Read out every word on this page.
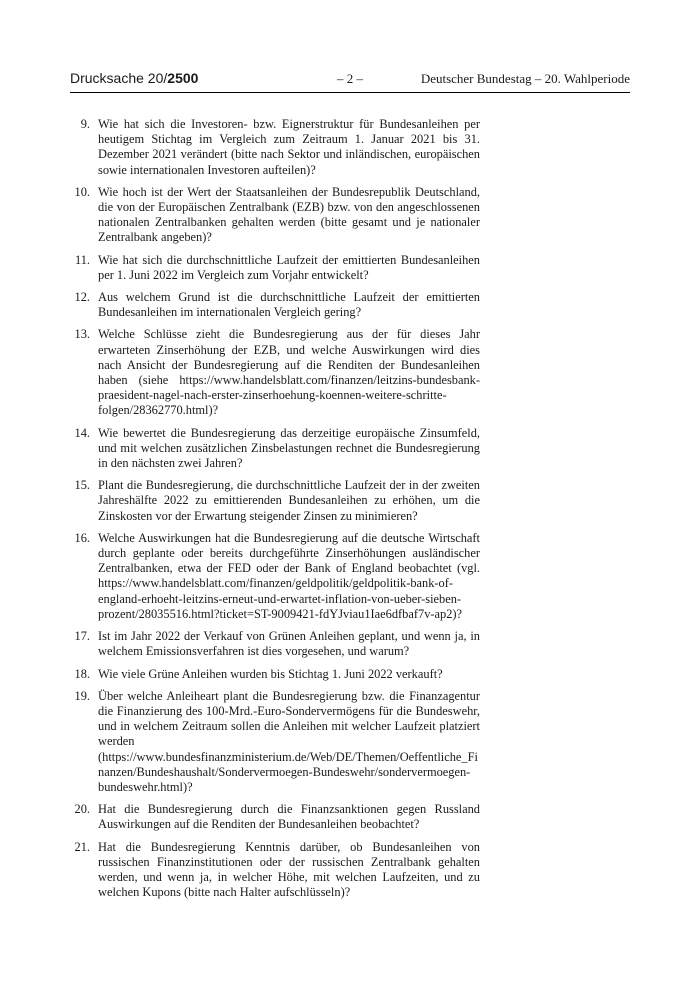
Drucksache 20/2500	– 2 –	Deutscher Bundestag – 20. Wahlperiode
9. Wie hat sich die Investoren- bzw. Eignerstruktur für Bundesanleihen per heutigem Stichtag im Vergleich zum Zeitraum 1. Januar 2021 bis 31. Dezember 2021 verändert (bitte nach Sektor und inländischen, europäischen sowie internationalen Investoren aufteilen)?
10. Wie hoch ist der Wert der Staatsanleihen der Bundesrepublik Deutschland, die von der Europäischen Zentralbank (EZB) bzw. von den angeschlossenen nationalen Zentralbanken gehalten werden (bitte gesamt und je nationaler Zentralbank angeben)?
11. Wie hat sich die durchschnittliche Laufzeit der emittierten Bundesanleihen per 1. Juni 2022 im Vergleich zum Vorjahr entwickelt?
12. Aus welchem Grund ist die durchschnittliche Laufzeit der emittierten Bundesanleihen im internationalen Vergleich gering?
13. Welche Schlüsse zieht die Bundesregierung aus der für dieses Jahr erwarteten Zinserhöhung der EZB, und welche Auswirkungen wird dies nach Ansicht der Bundesregierung auf die Renditen der Bundesanleihen haben (siehe https://www.handelsblatt.com/finanzen/leitzins-bundesbank-praesident-nagel-nach-erster-zinserhoehung-koennen-weitere-schritte-folgen/28362770.html)?
14. Wie bewertet die Bundesregierung das derzeitige europäische Zinsumfeld, und mit welchen zusätzlichen Zinsbelastungen rechnet die Bundesregierung in den nächsten zwei Jahren?
15. Plant die Bundesregierung, die durchschnittliche Laufzeit der in der zweiten Jahreshälfte 2022 zu emittierenden Bundesanleihen zu erhöhen, um die Zinskosten vor der Erwartung steigender Zinsen zu minimieren?
16. Welche Auswirkungen hat die Bundesregierung auf die deutsche Wirtschaft durch geplante oder bereits durchgeführte Zinserhöhungen ausländischer Zentralbanken, etwa der FED oder der Bank of England beobachtet (vgl. https://www.handelsblatt.com/finanzen/geldpolitik/geldpolitik-bank-of-england-erhoeht-leitzins-erneut-und-erwartet-inflation-von-ueber-sieben-prozent/28035516.html?ticket=ST-9009421-fdYJviau1Iae6dfbaf7v-ap2)?
17. Ist im Jahr 2022 der Verkauf von Grünen Anleihen geplant, und wenn ja, in welchem Emissionsverfahren ist dies vorgesehen, und warum?
18. Wie viele Grüne Anleihen wurden bis Stichtag 1. Juni 2022 verkauft?
19. Über welche Anleiheart plant die Bundesregierung bzw. die Finanzagentur die Finanzierung des 100-Mrd.-Euro-Sondervermögens für die Bundeswehr, und in welchem Zeitraum sollen die Anleihen mit welcher Laufzeit platziert werden (https://www.bundesfinanzministerium.de/Web/DE/Themen/Oeffentliche_Finanzen/Bundeshaushalt/Sondervermoegen-Bundeswehr/sondervermoegen-bundeswehr.html)?
20. Hat die Bundesregierung durch die Finanzsanktionen gegen Russland Auswirkungen auf die Renditen der Bundesanleihen beobachtet?
21. Hat die Bundesregierung Kenntnis darüber, ob Bundesanleihen von russischen Finanzinstitutionen oder der russischen Zentralbank gehalten werden, und wenn ja, in welcher Höhe, mit welchen Laufzeiten, und zu welchen Kupons (bitte nach Halter aufschlüsseln)?
